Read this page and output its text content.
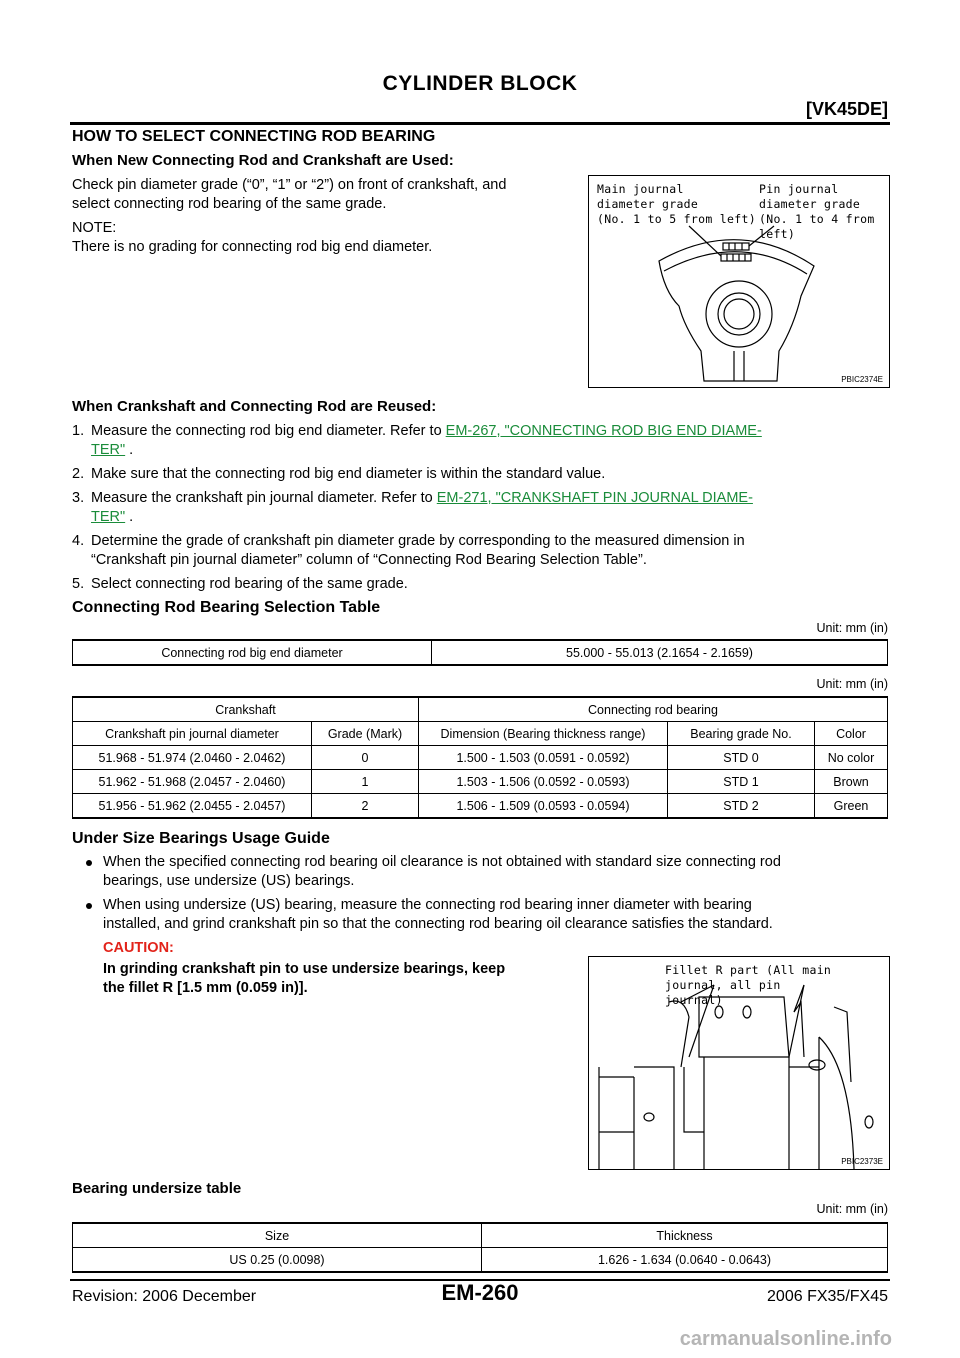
CYLINDER BLOCK
[VK45DE]
HOW TO SELECT CONNECTING ROD BEARING
When New Connecting Rod and Crankshaft are Used:
Check pin diameter grade (“0”, “1” or “2”) on front of crankshaft, and
select connecting rod bearing of the same grade.
NOTE:
There is no grading for connecting rod big end diameter.
Main journal
diameter grade
(No. 1 to 5 from left)
Pin journal
diameter grade
(No. 1 to 4 from left)
PBIC2374E
When Crankshaft and Connecting Rod are Reused:
1. Measure the connecting rod big end diameter. Refer to EM-267, "CONNECTING ROD BIG END DIAME-
TER" .
2. Make sure that the connecting rod big end diameter is within the standard value.
3. Measure the crankshaft pin journal diameter. Refer to EM-271, "CRANKSHAFT PIN JOURNAL DIAME-
TER" .
4. Determine the grade of crankshaft pin diameter grade by corresponding to the measured dimension in
“Crankshaft pin journal diameter” column of “Connecting Rod Bearing Selection Table”.
5. Select connecting rod bearing of the same grade.
Connecting Rod Bearing Selection Table
Unit: mm (in)
Connecting rod big end diameter	55.000 - 55.013 (2.1654 - 2.1659)
Unit: mm (in)
Crankshaft		Connecting rod bearing		
Crankshaft pin journal diameter	Grade (Mark)	Dimension (Bearing thickness range)	Bearing grade No.	Color
51.968 - 51.974 (2.0460 - 2.0462)	0	1.500 - 1.503 (0.0591 - 0.0592)	STD 0	No color
51.962 - 51.968 (2.0457 - 2.0460)	1	1.503 - 1.506 (0.0592 - 0.0593)	STD 1	Brown
51.956 - 51.962 (2.0455 - 2.0457)	2	1.506 - 1.509 (0.0593 - 0.0594)	STD 2	Green
Under Size Bearings Usage Guide
When the specified connecting rod bearing oil clearance is not obtained with standard size connecting rod
bearings, use undersize (US) bearings.
When using undersize (US) bearing, measure the connecting rod bearing inner diameter with bearing
installed, and grind crankshaft pin so that the connecting rod bearing oil clearance satisfies the standard.
CAUTION:
In grinding crankshaft pin to use undersize bearings, keep
the fillet R [1.5 mm (0.059 in)].
Fillet R part (All main journal, all pin
journal)
PBIC2373E
Bearing undersize table
Unit: mm (in)
Size	Thickness
US 0.25 (0.0098)	1.626 - 1.634 (0.0640 - 0.0643)
Revision: 2006 December	EM-260	2006 FX35/FX45
carmanualsonline.info
